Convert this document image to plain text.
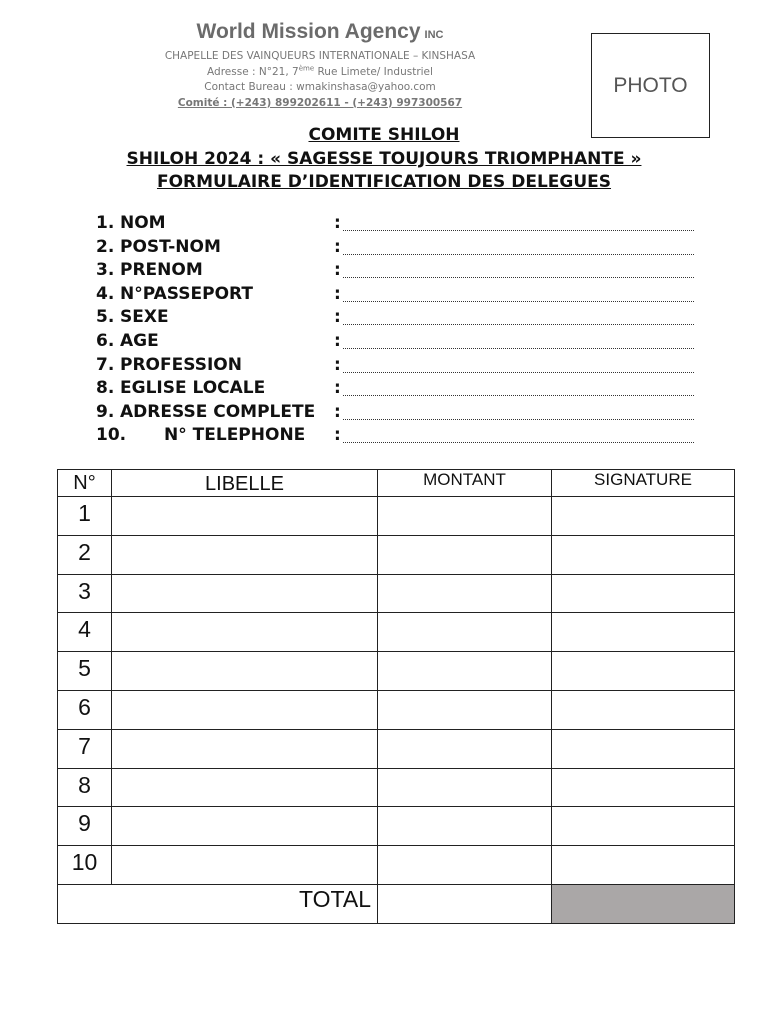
World Mission Agency INC
CHAPELLE DES VAINQUEURS INTERNATIONALE – KINSHASA
Adresse : N°21, 7ème Rue Limete/ Industriel
Contact Bureau : wmakinshasa@yahoo.com
Comité : (+243) 899202611 - (+243) 997300567
PHOTO
COMITE SHILOH
SHILOH 2024 : « SAGESSE TOUJOURS TRIOMPHANTE »
FORMULAIRE D’IDENTIFICATION DES DELEGUES
1. NOM	:
2. POST-NOM	:
3. PRENOM	:
4. N°PASSEPORT	:
5. SEXE	:
6. AGE	:
7. PROFESSION	:
8. EGLISE LOCALE	:
9. ADRESSE COMPLETE :
10. N° TELEPHONE :
N°	LIBELLE	MONTANT	SIGNATURE
1			
2			
3			
4			
5			
6			
7			
8			
9			
10			
TOTAL			
